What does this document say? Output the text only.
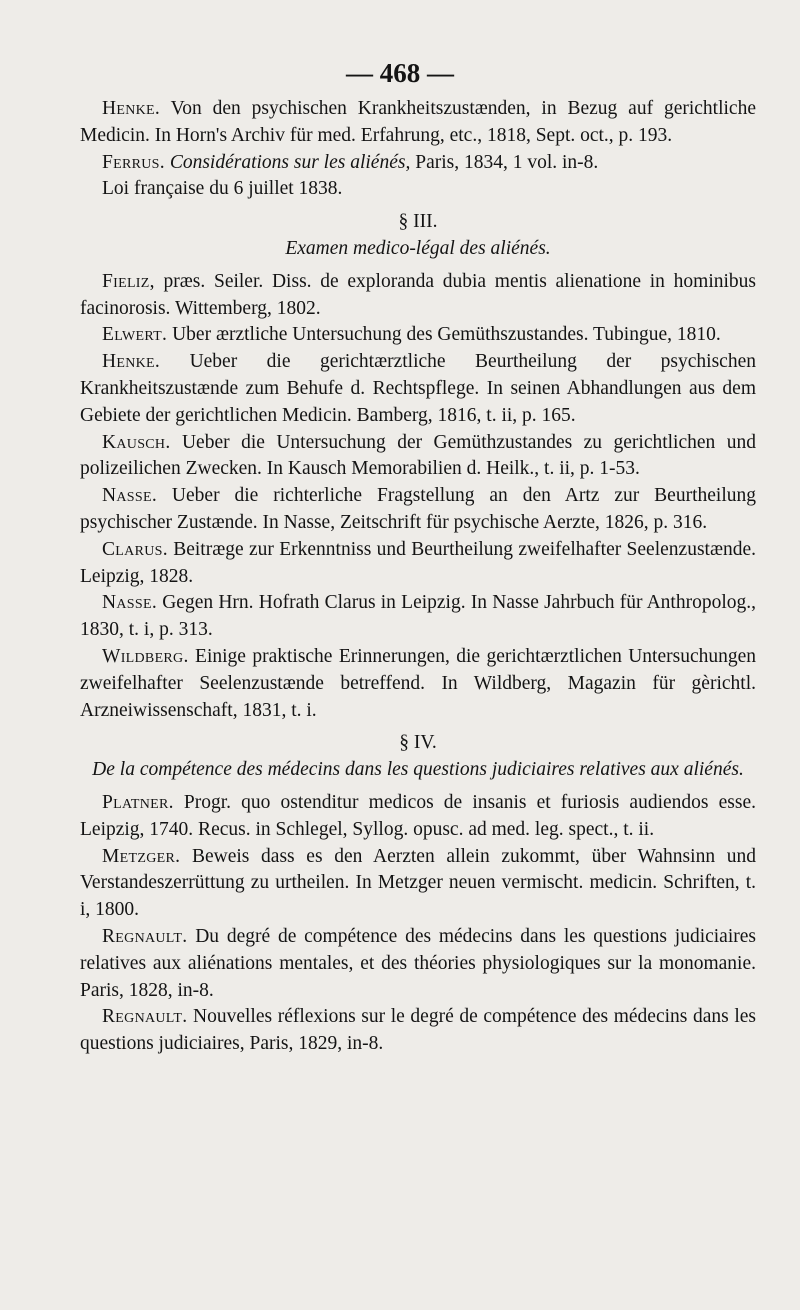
— 468 —

Henke. Von den psychischen Krankheitszustænden, in Bezug auf gerichtliche Medicin. In Horn's Archiv für med. Erfahrung, etc., 1818, Sept. oct., p. 193.

Ferrus. Considérations sur les aliénés, Paris, 1834, 1 vol. in-8.

Loi française du 6 juillet 1838.

§ III.

Examen medico-légal des aliénés.

Fieliz, præs. Seiler. Diss. de exploranda dubia mentis alienatione in hominibus facinorosis. Wittemberg, 1802.

Elwert. Uber ærztliche Untersuchung des Gemüthszustandes. Tubingue, 1810.

Henke. Ueber die gerichtærztliche Beurtheilung der psychischen Krankheitszustænde zum Behufe d. Rechtspflege. In seinen Abhandlungen aus dem Gebiete der gerichtlichen Medicin. Bamberg, 1816, t. ii, p. 165.

Kausch. Ueber die Untersuchung der Gemüthzustandes zu gerichtlichen und polizeilichen Zwecken. In Kausch Memorabilien d. Heilk., t. ii, p. 1-53.

Nasse. Ueber die richterliche Fragstellung an den Artz zur Beurtheilung psychischer Zustænde. In Nasse, Zeitschrift für psychische Aerzte, 1826, p. 316.

Clarus. Beitræge zur Erkenntniss und Beurtheilung zweifelhafter Seelenzustænde. Leipzig, 1828.

Nasse. Gegen Hrn. Hofrath Clarus in Leipzig. In Nasse Jahrbuch für Anthropolog., 1830, t. i, p. 313.

Wildberg. Einige praktische Erinnerungen, die gerichtærztlichen Untersuchungen zweifelhafter Seelenzustænde betreffend. In Wildberg, Magazin für gèrichtl. Arzneiwissenschaft, 1831, t. i.

§ IV.

De la compétence des médecins dans les questions judiciaires relatives aux aliénés.

Platner. Progr. quo ostenditur medicos de insanis et furiosis audiendos esse. Leipzig, 1740. Recus. in Schlegel, Syllog. opusc. ad med. leg. spect., t. ii.

Metzger. Beweis dass es den Aerzten allein zukommt, über Wahnsinn und Verstandeszerrüttung zu urtheilen. In Metzger neuen vermischt. medicin. Schriften, t. i, 1800.

Regnault. Du degré de compétence des médecins dans les questions judiciaires relatives aux aliénations mentales, et des théories physiologiques sur la monomanie. Paris, 1828, in-8.

Regnault. Nouvelles réflexions sur le degré de compétence des médecins dans les questions judiciaires, Paris, 1829, in-8.
